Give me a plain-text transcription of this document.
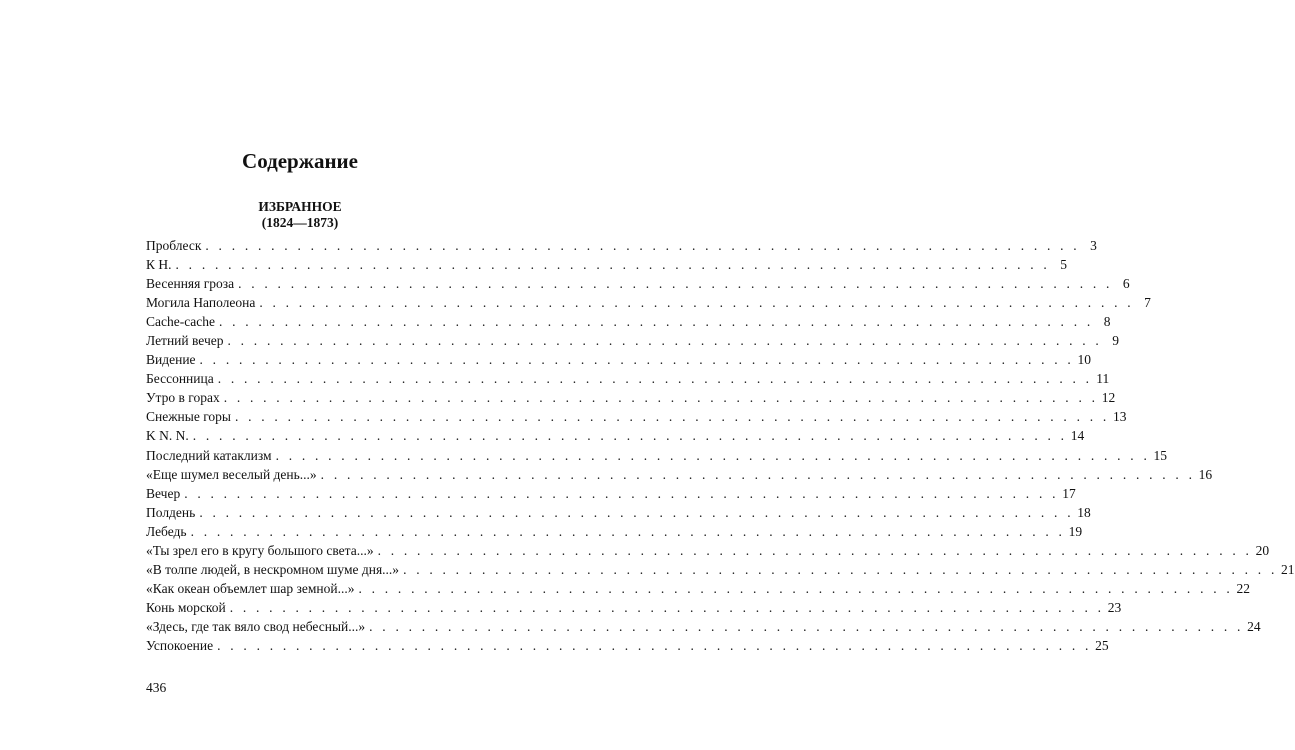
Содержание
ИЗБРАННОЕ
(1824—1873)
Проблеск . . . . . . . . . . . . . . . . . . . . . . . . . . . . . . . . . . . . . . . . . . . . . . . . . . . . . . . . . . . . . . . . . . . 3
К Н. . . . . . . . . . . . . . . . . . . . . . . . . . . . . . . . . . . . . . . . . . . . . . . . . . . . . . . . . . . . . . . . . . . . 5
Весенняя гроза . . . . . . . . . . . . . . . . . . . . . . . . . . . . . . . . . . . . . . . . . . . . . . . . . . . . . . . . . . . . . . . . . . . 6
Могила Наполеона . . . . . . . . . . . . . . . . . . . . . . . . . . . . . . . . . . . . . . . . . . . . . . . . . . . . . . . . . . . . . . . . . . . 7
Cache-cache . . . . . . . . . . . . . . . . . . . . . . . . . . . . . . . . . . . . . . . . . . . . . . . . . . . . . . . . . . . . . . . . . . . 8
Летний вечер . . . . . . . . . . . . . . . . . . . . . . . . . . . . . . . . . . . . . . . . . . . . . . . . . . . . . . . . . . . . . . . . . . . 9
Видение . . . . . . . . . . . . . . . . . . . . . . . . . . . . . . . . . . . . . . . . . . . . . . . . . . . . . . . . . . . . . . . . . . . 10
Бессонница . . . . . . . . . . . . . . . . . . . . . . . . . . . . . . . . . . . . . . . . . . . . . . . . . . . . . . . . . . . . . . . . . . . 11
Утро в горах . . . . . . . . . . . . . . . . . . . . . . . . . . . . . . . . . . . . . . . . . . . . . . . . . . . . . . . . . . . . . . . . . . . 12
Снежные горы . . . . . . . . . . . . . . . . . . . . . . . . . . . . . . . . . . . . . . . . . . . . . . . . . . . . . . . . . . . . . . . . . . . 13
K N. N. . . . . . . . . . . . . . . . . . . . . . . . . . . . . . . . . . . . . . . . . . . . . . . . . . . . . . . . . . . . . . . . . . . . 14
Последний катаклизм . . . . . . . . . . . . . . . . . . . . . . . . . . . . . . . . . . . . . . . . . . . . . . . . . . . . . . . . . . . . . . . . . . . 15
«Еще шумел веселый день...» . . . . . . . . . . . . . . . . . . . . . . . . . . . . . . . . . . . . . . . . . . . . . . . . . . . . . . . . . . . . . . . . . . . 16
Вечер . . . . . . . . . . . . . . . . . . . . . . . . . . . . . . . . . . . . . . . . . . . . . . . . . . . . . . . . . . . . . . . . . . . 17
Полдень . . . . . . . . . . . . . . . . . . . . . . . . . . . . . . . . . . . . . . . . . . . . . . . . . . . . . . . . . . . . . . . . . . . 18
Лебедь . . . . . . . . . . . . . . . . . . . . . . . . . . . . . . . . . . . . . . . . . . . . . . . . . . . . . . . . . . . . . . . . . . . 19
«Ты зрел его в кругу большого света...» . . . . . . . . . . . . . . . . . . . . . . . . . . . . . . . . . . . . . . . . . . . . . . . . . . . . . . . . . . . . . . . . . . . 20
«В толпе людей, в нескромном шуме дня...» . . . . . . . . . . . . . . . . . . . . . . . . . . . . . . . . . . . . . . . . . . . . . . . . . . . . . . . . . . . . . . . . . . . 21
«Как океан объемлет шар земной...» . . . . . . . . . . . . . . . . . . . . . . . . . . . . . . . . . . . . . . . . . . . . . . . . . . . . . . . . . . . . . . . . . . . 22
Конь морской . . . . . . . . . . . . . . . . . . . . . . . . . . . . . . . . . . . . . . . . . . . . . . . . . . . . . . . . . . . . . . . . . . . 23
«Здесь, где так вяло свод небесный...» . . . . . . . . . . . . . . . . . . . . . . . . . . . . . . . . . . . . . . . . . . . . . . . . . . . . . . . . . . . . . . . . . . . 24
Успокоение . . . . . . . . . . . . . . . . . . . . . . . . . . . . . . . . . . . . . . . . . . . . . . . . . . . . . . . . . . . . . . . . . . . 25
436
